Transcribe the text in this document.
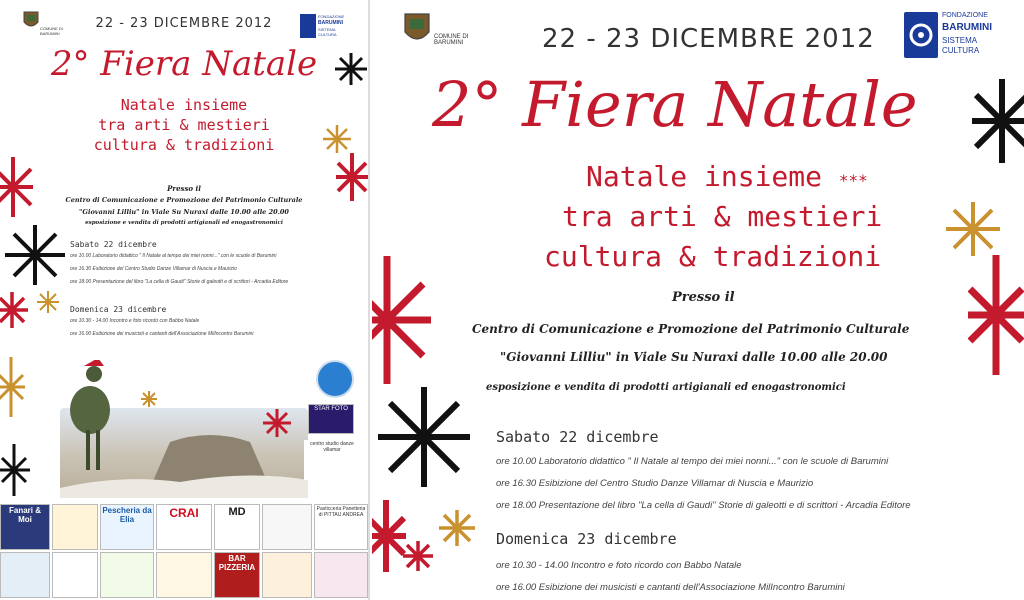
COMUNE DI BARUMINI
22 - 23 DICEMBRE 2012	FONDAZIONE
BARUMINI
SISTEMA
CULTURA
2° Fiera Natale
Natale insieme
tra arti & mestieri
cultura & tradizioni
Presso il
Centro di Comunicazione e Promozione del Patrimonio Culturale
"Giovanni Lilliu" in Viale Su Nuraxi dalle 10.00 alle 20.00
esposizione e vendita di prodotti artigianali ed enogastronomici
Sabato 22 dicembre
ore 10.00 Laboratorio didattico " Il Natale al tempo dei miei nonni..." con le scuole di Barumini
ore 16.30 Esibizione del Centro Studio Danze Villamar di Nuscia e Maurizio
ore 18.00 Presentazione del libro "La cella di Gaudi" Storie di galeotti e di scrittori - Arcadia Editore
Domenica 23 dicembre
ore 10.30 - 14.00 Incontro e foto ricordo con Babbo Natale
ore 16.00 Esibizione dei musicisti e cantanti dell'Associazione MilIncontro Barumini
STAR FOTO
centro studio danze villamar
Fanari & Moi
Pescheria da Elia	CRAI	MD	Pasticceria Panetteria di PITTAU ANDREA
BAR PIZZERIA
COMUNE DI BARUMINI	22 - 23 DICEMBRE 2012
FONDAZIONE
BARUMINI
SISTEMA
CULTURA
2° Fiera Natale
Natale insieme ***
tra arti & mestieri
cultura & tradizioni
Presso il
Centro di Comunicazione e Promozione del Patrimonio Culturale
"Giovanni Lilliu" in Viale Su Nuraxi dalle 10.00 alle 20.00
esposizione e vendita di prodotti artigianali ed enogastronomici
Sabato 22 dicembre
ore 10.00 Laboratorio didattico " Il Natale al tempo dei miei nonni..." con le scuole di Barumini
ore 16.30 Esibizione del Centro Studio Danze Villamar di Nuscia e Maurizio
ore 18.00 Presentazione del libro "La cella di Gaudi" Storie di galeotti e di scrittori - Arcadia Editore
Domenica 23 dicembre
ore 10.30 - 14.00 Incontro e foto ricordo con Babbo Natale
ore 16.00 Esibizione dei musicisti e cantanti dell'Associazione MilIncontro Barumini
